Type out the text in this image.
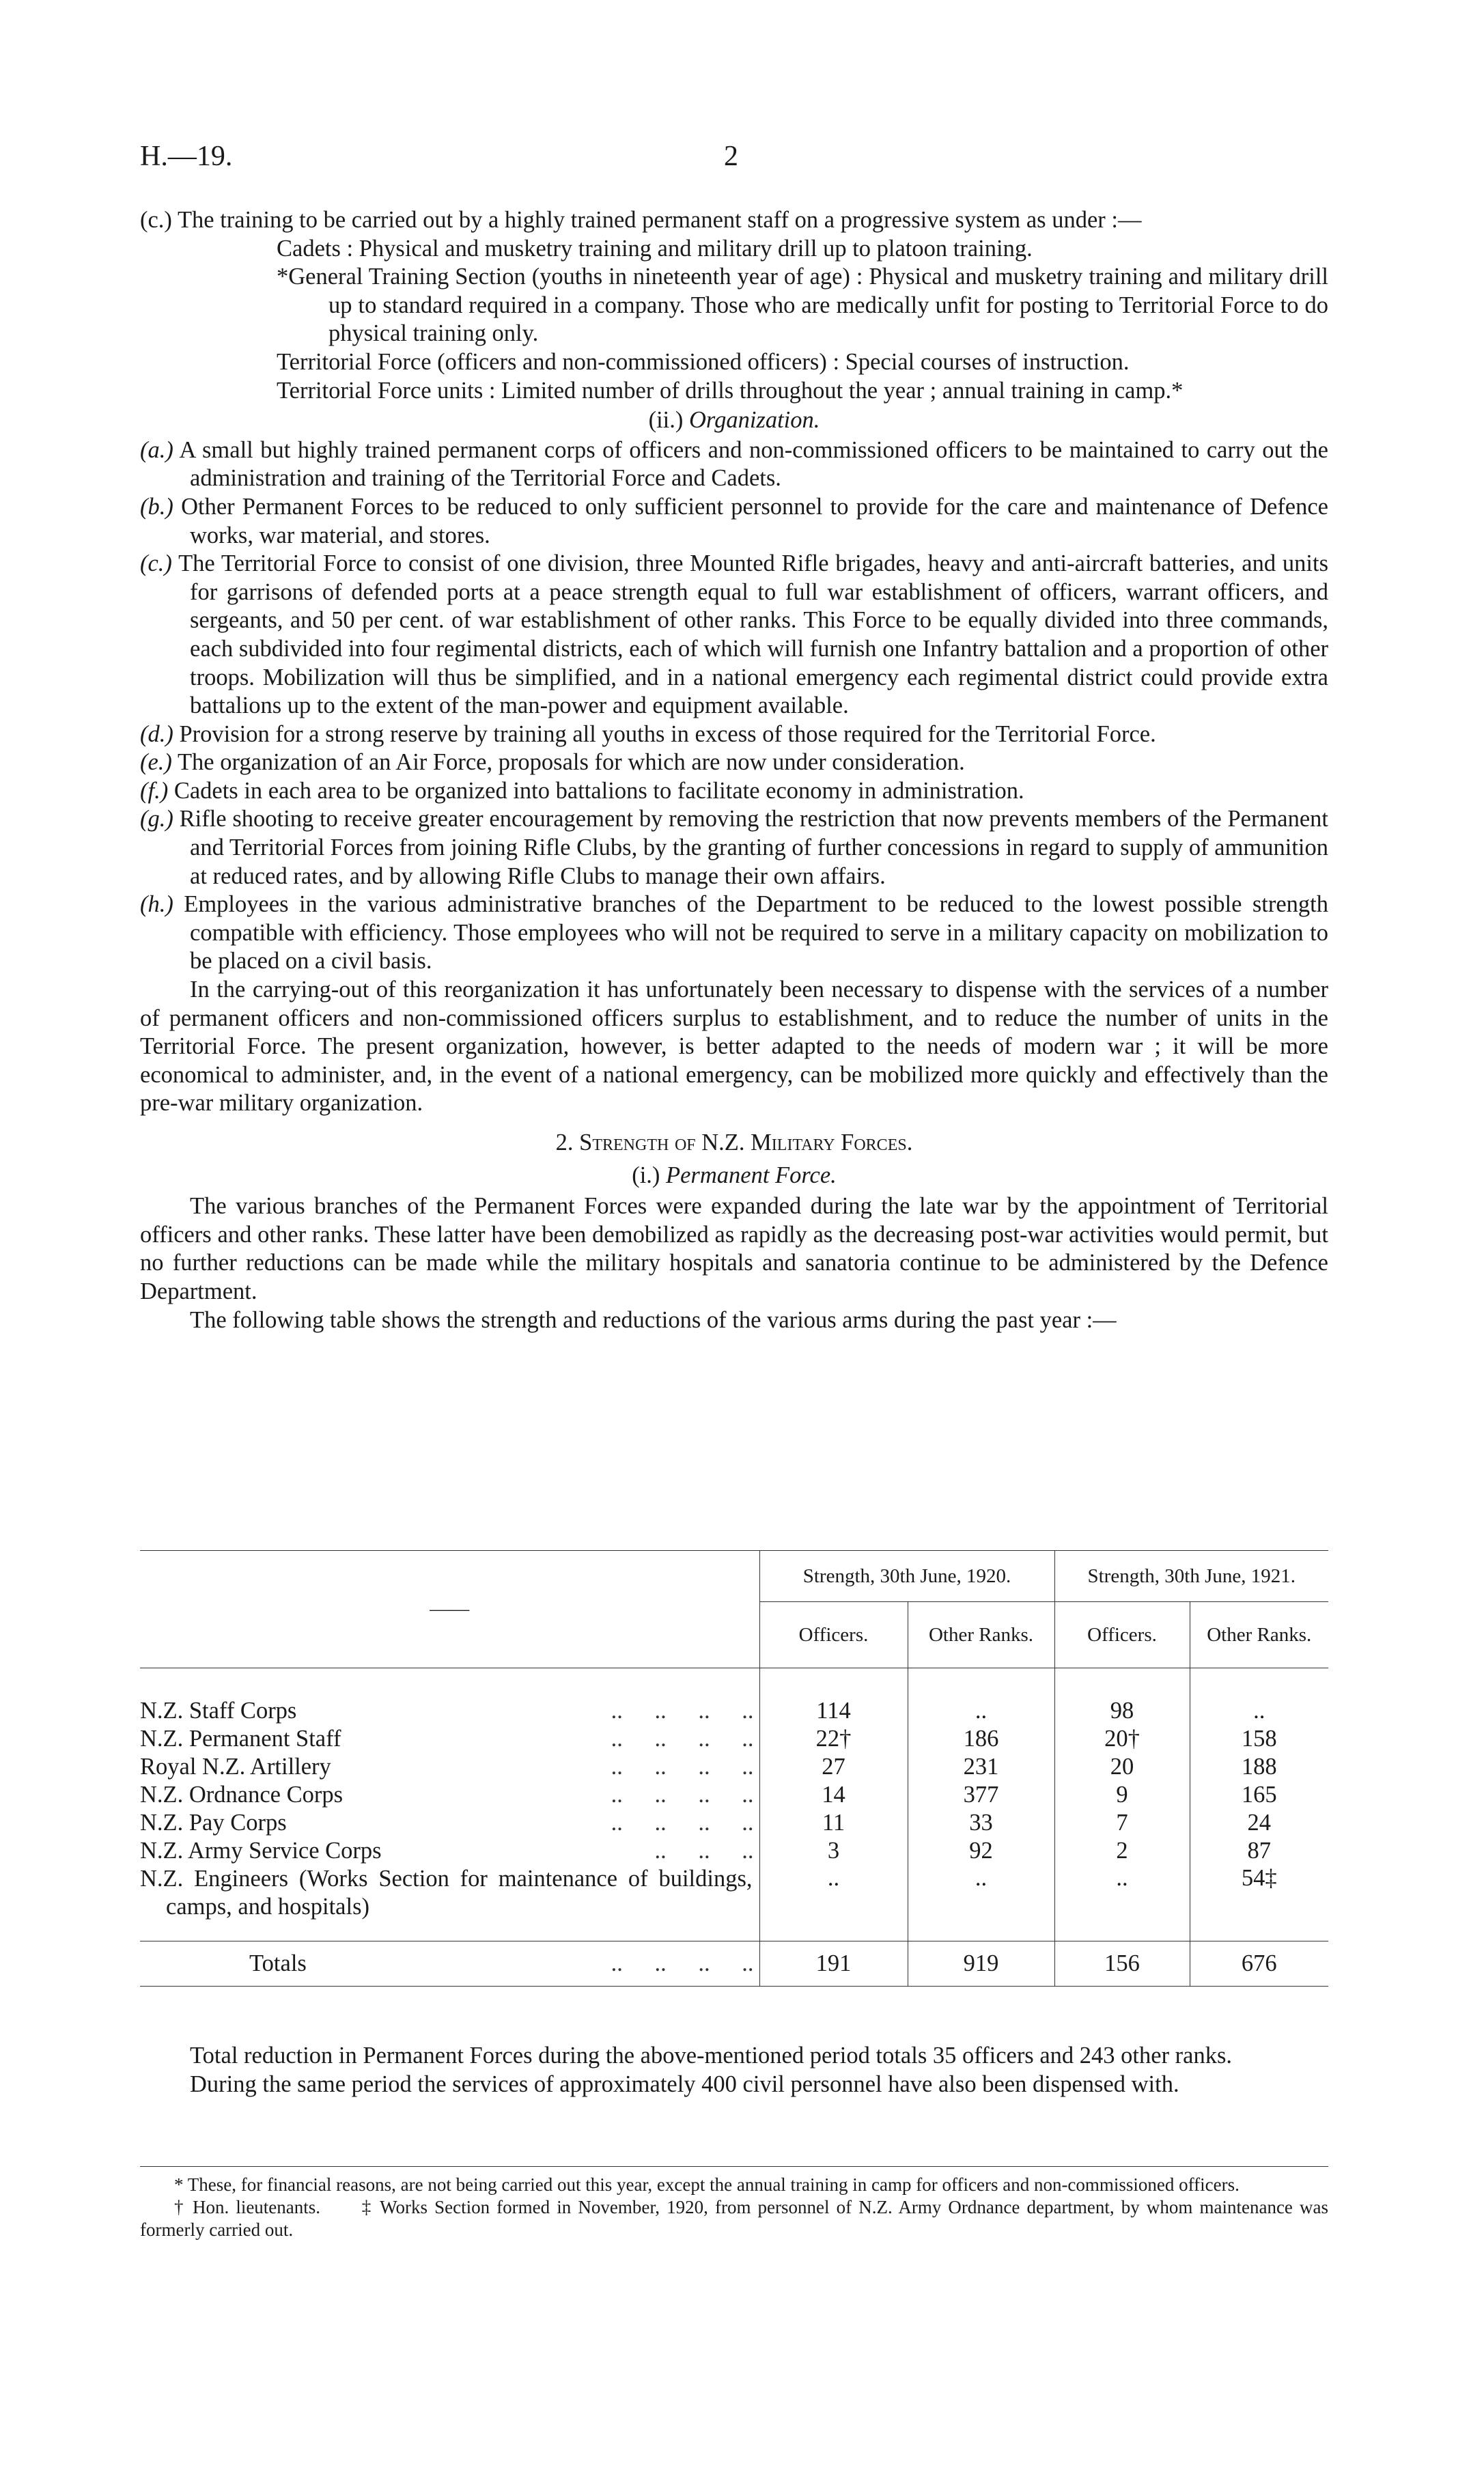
H.—19.	2
(c.) The training to be carried out by a highly trained permanent staff on a progressive system as under :—
Cadets : Physical and musketry training and military drill up to platoon training.
*General Training Section (youths in nineteenth year of age) : Physical and musketry training and military drill up to standard required in a company. Those who are medically unfit for posting to Territorial Force to do physical training only.
Territorial Force (officers and non-commissioned officers) : Special courses of instruction.
Territorial Force units : Limited number of drills throughout the year ; annual training in camp.*
(ii.) Organization.
(a.) A small but highly trained permanent corps of officers and non-commissioned officers to be maintained to carry out the administration and training of the Territorial Force and Cadets.
(b.) Other Permanent Forces to be reduced to only sufficient personnel to provide for the care and maintenance of Defence works, war material, and stores.
(c.) The Territorial Force to consist of one division, three Mounted Rifle brigades, heavy and anti-aircraft batteries, and units for garrisons of defended ports at a peace strength equal to full war establishment of officers, warrant officers, and sergeants, and 50 per cent. of war establishment of other ranks. This Force to be equally divided into three commands, each subdivided into four regimental districts, each of which will furnish one Infantry battalion and a proportion of other troops. Mobilization will thus be simplified, and in a national emergency each regimental district could provide extra battalions up to the extent of the man-power and equipment available.
(d.) Provision for a strong reserve by training all youths in excess of those required for the Territorial Force.
(e.) The organization of an Air Force, proposals for which are now under consideration.
(f.) Cadets in each area to be organized into battalions to facilitate economy in administration.
(g.) Rifle shooting to receive greater encouragement by removing the restriction that now prevents members of the Permanent and Territorial Forces from joining Rifle Clubs, by the granting of further concessions in regard to supply of ammunition at reduced rates, and by allowing Rifle Clubs to manage their own affairs.
(h.) Employees in the various administrative branches of the Department to be reduced to the lowest possible strength compatible with efficiency. Those employees who will not be required to serve in a military capacity on mobilization to be placed on a civil basis.
In the carrying-out of this reorganization it has unfortunately been necessary to dispense with the services of a number of permanent officers and non-commissioned officers surplus to establishment, and to reduce the number of units in the Territorial Force. The present organization, however, is better adapted to the needs of modern war ; it will be more economical to administer, and, in the event of a national emergency, can be mobilized more quickly and effectively than the pre-war military organization.
2. Strength of N.Z. Military Forces.
(i.) Permanent Force.
The various branches of the Permanent Forces were expanded during the late war by the appointment of Territorial officers and other ranks. These latter have been demobilized as rapidly as the decreasing post-war activities would permit, but no further reductions can be made while the military hospitals and sanatoria continue to be administered by the Defence Department.
The following table shows the strength and reductions of the various arms during the past year :—
——	Strength, 30th June, 1920.		Strength, 30th June, 1921.	
	Officers.	Other Ranks.	Officers.	Other Ranks.

N.Z. Staff Corps .. .. .. ..	114	..	98	..
N.Z. Permanent Staff .. .. .. ..	22†	186	20†	158
Royal N.Z. Artillery .. .. .. ..	27	231	20	188
N.Z. Ordnance Corps .. .. .. ..	14	377	9	165
N.Z. Pay Corps .. .. .. ..	11	33	7	24
N.Z. Army Service Corps .. .. ..	3	92	2	87
N.Z. Engineers (Works Section for maintenance of buildings, camps, and hospitals)	..	..	..	54‡

Totals .. .. .. ..	191	919	156	676

Total reduction in Permanent Forces during the above-mentioned period totals 35 officers and 243 other ranks.
During the same period the services of approximately 400 civil personnel have also been dispensed with.
* These, for financial reasons, are not being carried out this year, except the annual training in camp for officers and non-commissioned officers.
† Hon. lieutenants. ‡ Works Section formed in November, 1920, from personnel of N.Z. Army Ordnance department, by whom maintenance was formerly carried out.
